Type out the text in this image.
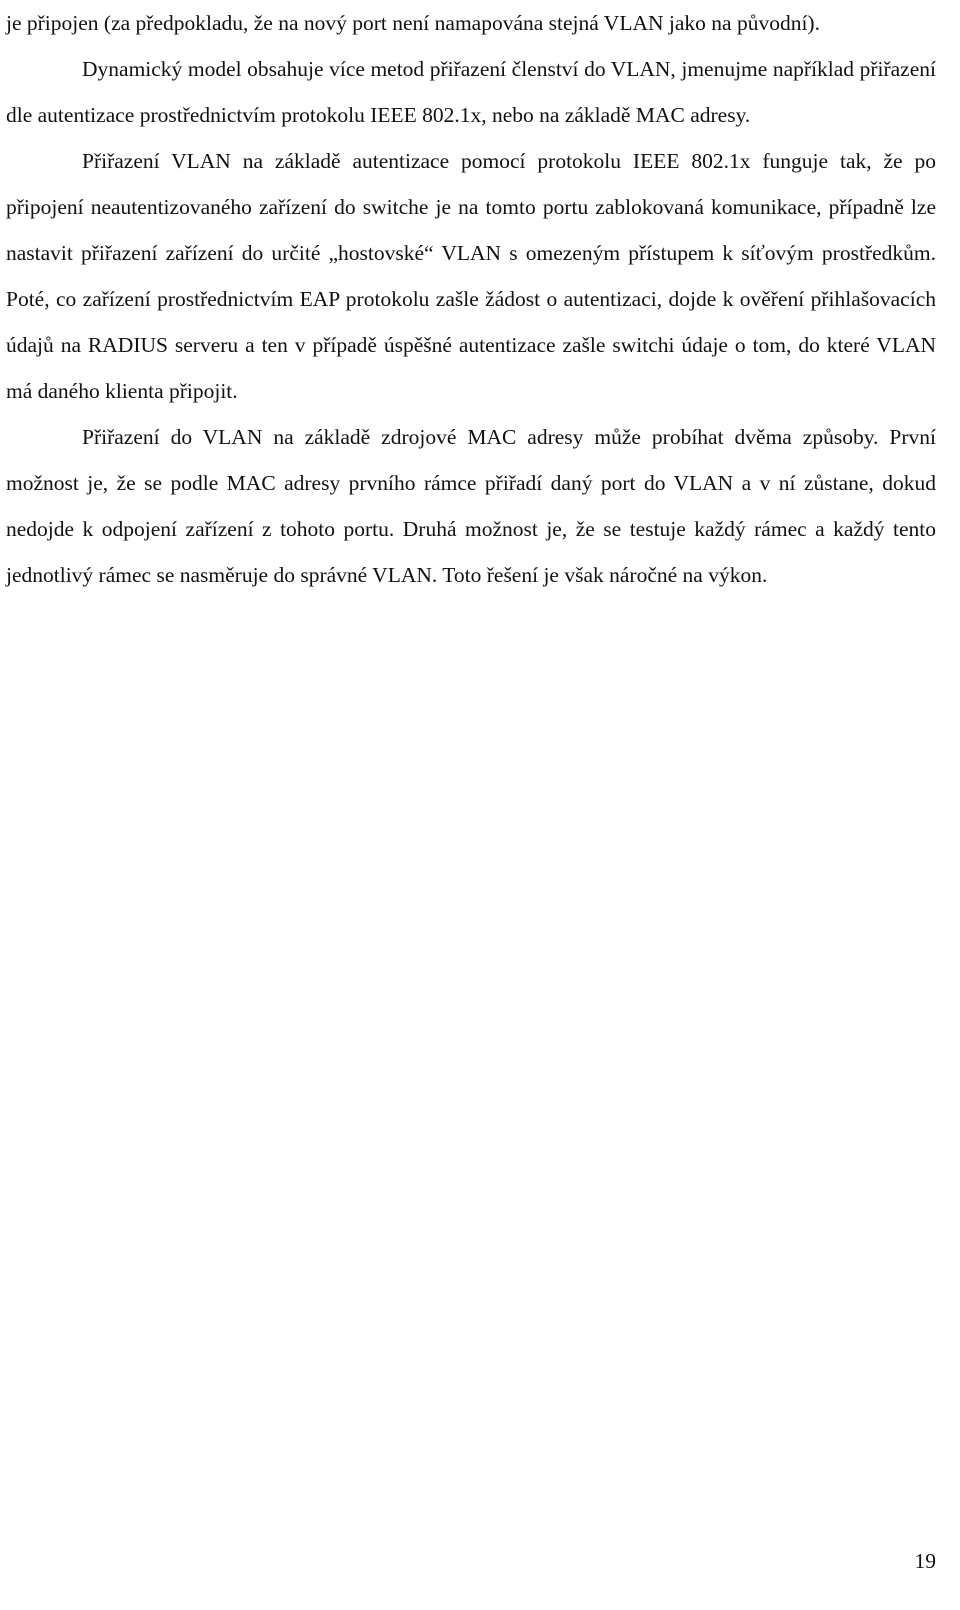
je připojen (za předpokladu, že na nový port není namapována stejná VLAN jako na původní).

Dynamický model obsahuje více metod přiřazení členství do VLAN, jmenujme například přiřazení dle autentizace prostřednictvím protokolu IEEE 802.1x, nebo na základě MAC adresy.

Přiřazení VLAN na základě autentizace pomocí protokolu IEEE 802.1x funguje tak, že po připojení neautentizovaného zařízení do switche je na tomto portu zablokovaná komunikace, případně lze nastavit přiřazení zařízení do určité „hostovské“ VLAN s omezeným přístupem k síťovým prostředkům. Poté, co zařízení prostřednictvím EAP protokolu zašle žádost o autentizaci, dojde k ověření přihlašovacích údajů na RADIUS serveru a ten v případě úspěšné autentizace zašle switchi údaje o tom, do které VLAN má daného klienta připojit.

Přiřazení do VLAN na základě zdrojové MAC adresy může probíhat dvěma způsoby. První možnost je, že se podle MAC adresy prvního rámce přiřadí daný port do VLAN a v ní zůstane, dokud nedojde k odpojení zařízení z tohoto portu. Druhá možnost je, že se testuje každý rámec a každý tento jednotlivý rámec se nasměruje do správné VLAN. Toto řešení je však náročné na výkon.

19
